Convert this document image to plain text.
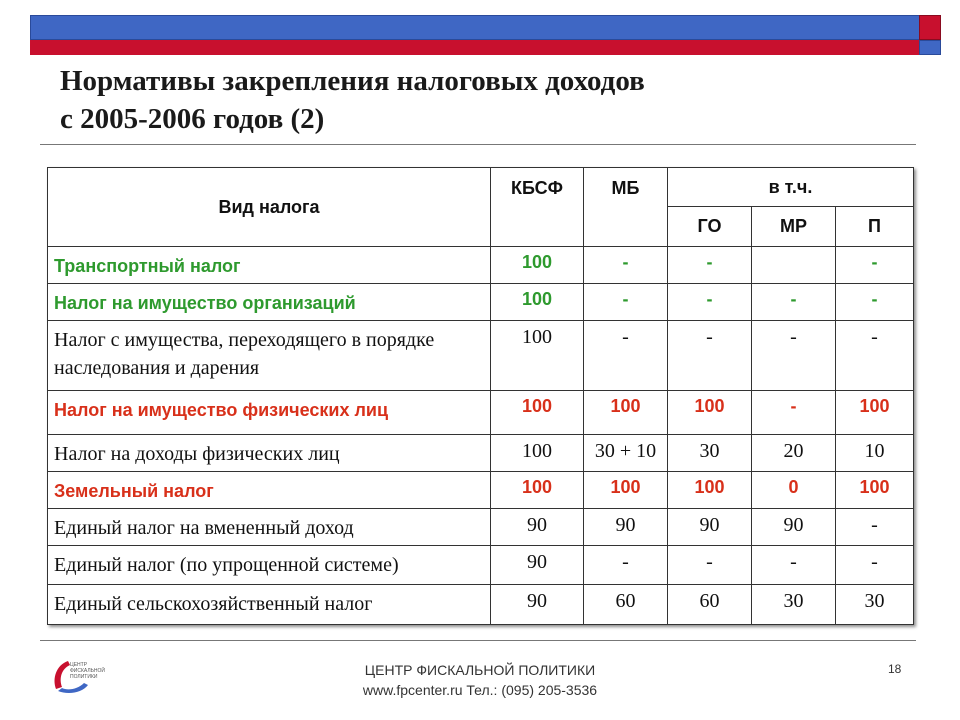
Нормативы закрепления налоговых доходов
с 2005-2006 годов (2)
Вид налога	КБСФ	МБ	в т.ч.		
			ГО	МР	П
Транспортный налог	100	-	-		-
Налог на имущество организаций	100	-	-	-	-
Налог с имущества, переходящего в порядке наследования и дарения	100	-	-	-	-
Налог на имущество физических лиц	100	100	100	-	100
Налог на доходы физических лиц	100	30 + 10	30	20	10
Земельный налог	100	100	100	0	100
Единый налог на вмененный доход	90	90	90	90	-
Единый налог (по упрощенной системе)	90	-	-	-	-
Единый сельскохозяйственный налог	90	60	60	30	30
ЦЕНТР
ФИСКАЛЬНОЙ
ПОЛИТИКИ	ЦЕНТР ФИСКАЛЬНОЙ ПОЛИТИКИ
www.fpcenter.ru Тел.: (095) 205-3536
18
